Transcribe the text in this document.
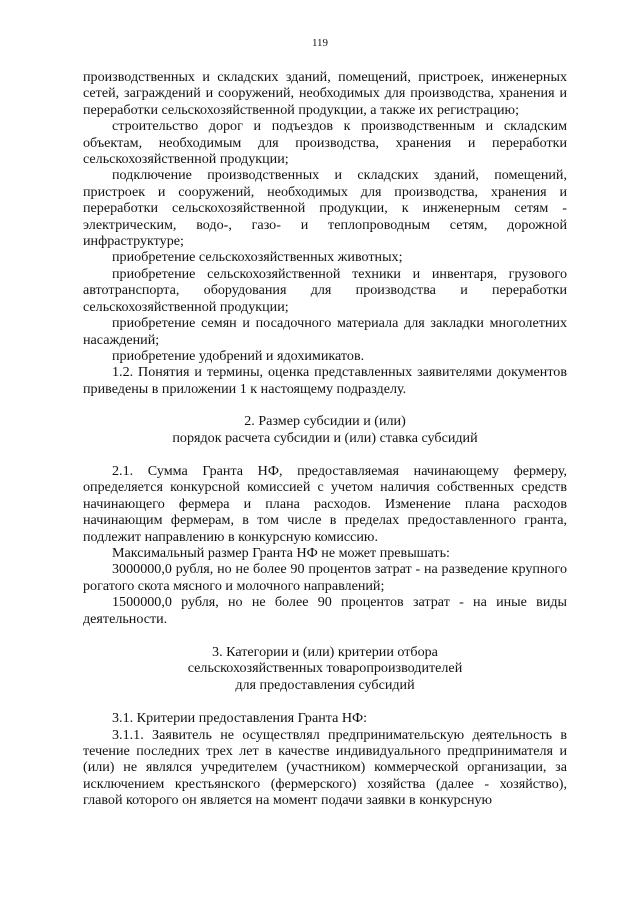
119

производственных и складских зданий, помещений, пристроек, инженерных сетей, заграждений и сооружений, необходимых для производства, хранения и переработки сельскохозяйственной продукции, а также их регистрацию;

строительство дорог и подъездов к производственным и складским объектам, необходимым для производства, хранения и переработки сельскохозяйственной продукции;

подключение производственных и складских зданий, помещений, пристроек и сооружений, необходимых для производства, хранения и переработки сельскохозяйственной продукции, к инженерным сетям - электрическим, водо-, газо- и теплопроводным сетям, дорожной инфраструктуре;

приобретение сельскохозяйственных животных;

приобретение сельскохозяйственной техники и инвентаря, грузового автотранспорта, оборудования для производства и переработки сельскохозяйственной продукции;

приобретение семян и посадочного материала для закладки многолетних насаждений;

приобретение удобрений и ядохимикатов.

1.2. Понятия и термины, оценка представленных заявителями документов приведены в приложении 1 к настоящему подразделу.

2. Размер субсидии и (или)

порядок расчета субсидии и (или) ставка субсидий

2.1. Сумма Гранта НФ, предоставляемая начинающему фермеру, определяется конкурсной комиссией с учетом наличия собственных средств начинающего фермера и плана расходов. Изменение плана расходов начинающим фермерам, в том числе в пределах предоставленного гранта, подлежит направлению в конкурсную комиссию.

Максимальный размер Гранта НФ не может превышать:

3000000,0 рубля, но не более 90 процентов затрат - на разведение крупного рогатого скота мясного и молочного направлений;

1500000,0 рубля, но не более 90 процентов затрат - на иные виды деятельности.

3. Категории и (или) критерии отбора

сельскохозяйственных товаропроизводителей

для предоставления субсидий

3.1. Критерии предоставления Гранта НФ:

3.1.1. Заявитель не осуществлял предпринимательскую деятельность в течение последних трех лет в качестве индивидуального предпринимателя и (или) не являлся учредителем (участником) коммерческой организации, за исключением крестьянского (фермерского) хозяйства (далее - хозяйство), главой которого он является на момент подачи заявки в конкурсную
